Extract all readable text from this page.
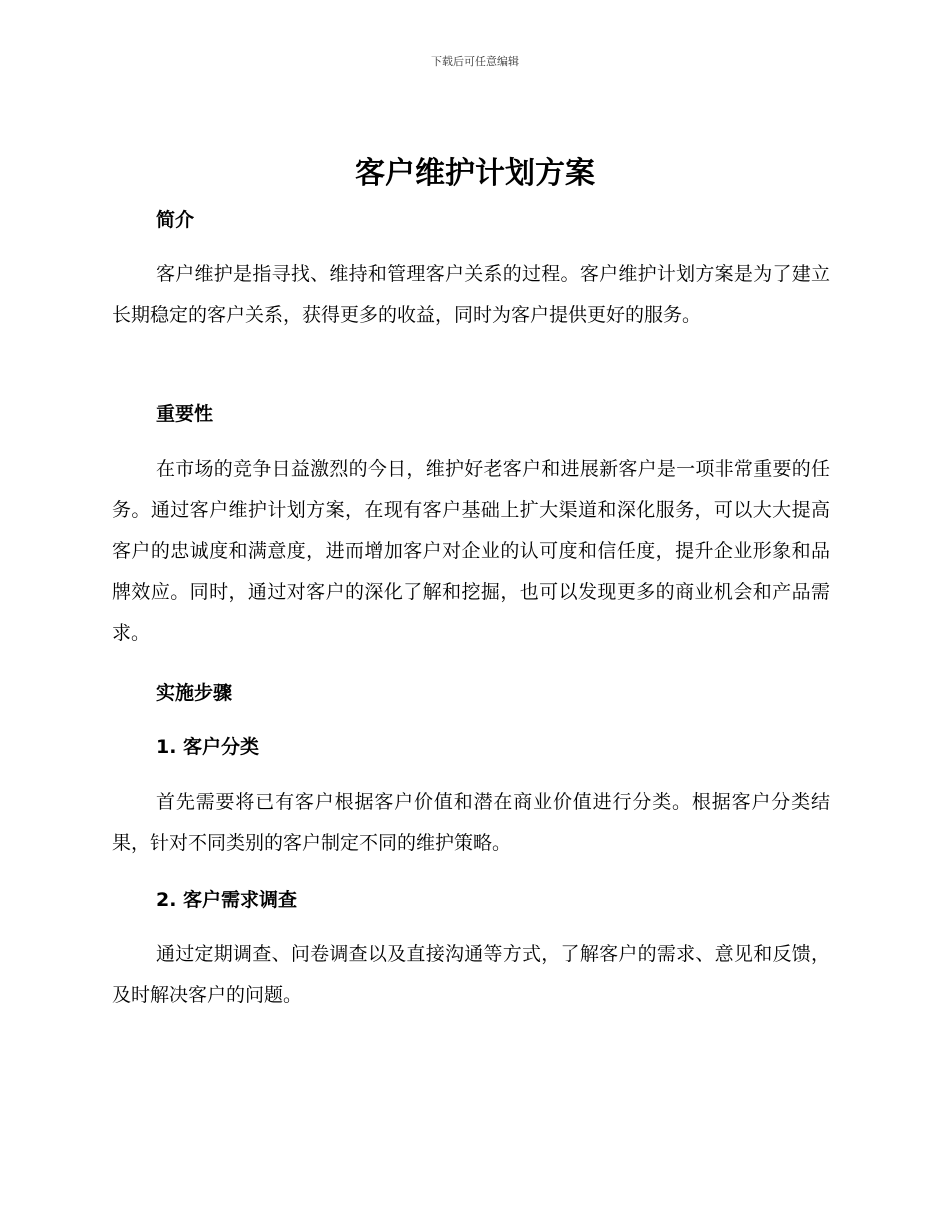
下载后可任意编辑
客户维护计划方案
简介

客户维护是指寻找、维持和管理客户关系的过程。客户维护计划方案是为了建立长期稳定的客户关系，获得更多的收益，同时为客户提供更好的服务。

重要性

在市场的竞争日益激烈的今日，维护好老客户和进展新客户是一项非常重要的任务。通过客户维护计划方案，在现有客户基础上扩大渠道和深化服务，可以大大提高客户的忠诚度和满意度，进而增加客户对企业的认可度和信任度，提升企业形象和品牌效应。同时，通过对客户的深化了解和挖掘，也可以发现更多的商业机会和产品需求。

实施步骤
1. 客户分类

首先需要将已有客户根据客户价值和潜在商业价值进行分类。根据客户分类结果，针对不同类别的客户制定不同的维护策略。

2. 客户需求调查

通过定期调查、问卷调查以及直接沟通等方式，了解客户的需求、意见和反馈，及时解决客户的问题。
